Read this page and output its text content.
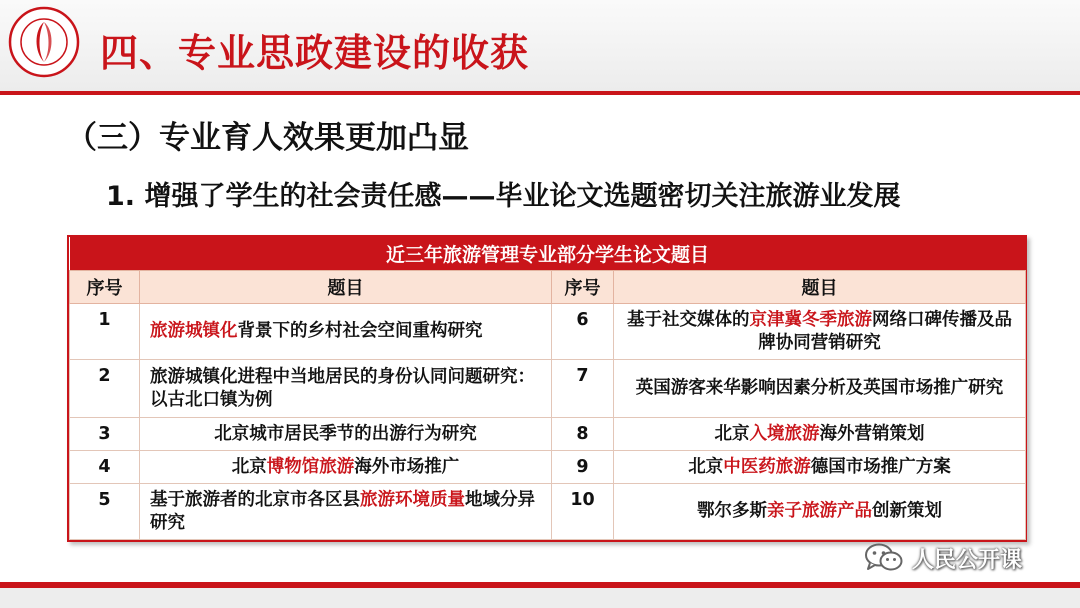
四、专业思政建设的收获
（三）专业育人效果更加凸显
1. 增强了学生的社会责任感——毕业论文选题密切关注旅游业发展
近三年旅游管理专业部分学生论文题目			
序号	题目	序号	题目
1	旅游城镇化背景下的乡村社会空间重构研究	6	基于社交媒体的京津冀冬季旅游网络口碑传播及品牌协同营销研究
2	旅游城镇化进程中当地居民的身份认同问题研究：以古北口镇为例	7	英国游客来华影响因素分析及英国市场推广研究
3	北京城市居民季节的出游行为研究	8	北京入境旅游海外营销策划
4	北京博物馆旅游海外市场推广	9	北京中医药旅游德国市场推广方案
5	基于旅游者的北京市各区县旅游环境质量地域分异研究	10	鄂尔多斯亲子旅游产品创新策划
人民公开课
